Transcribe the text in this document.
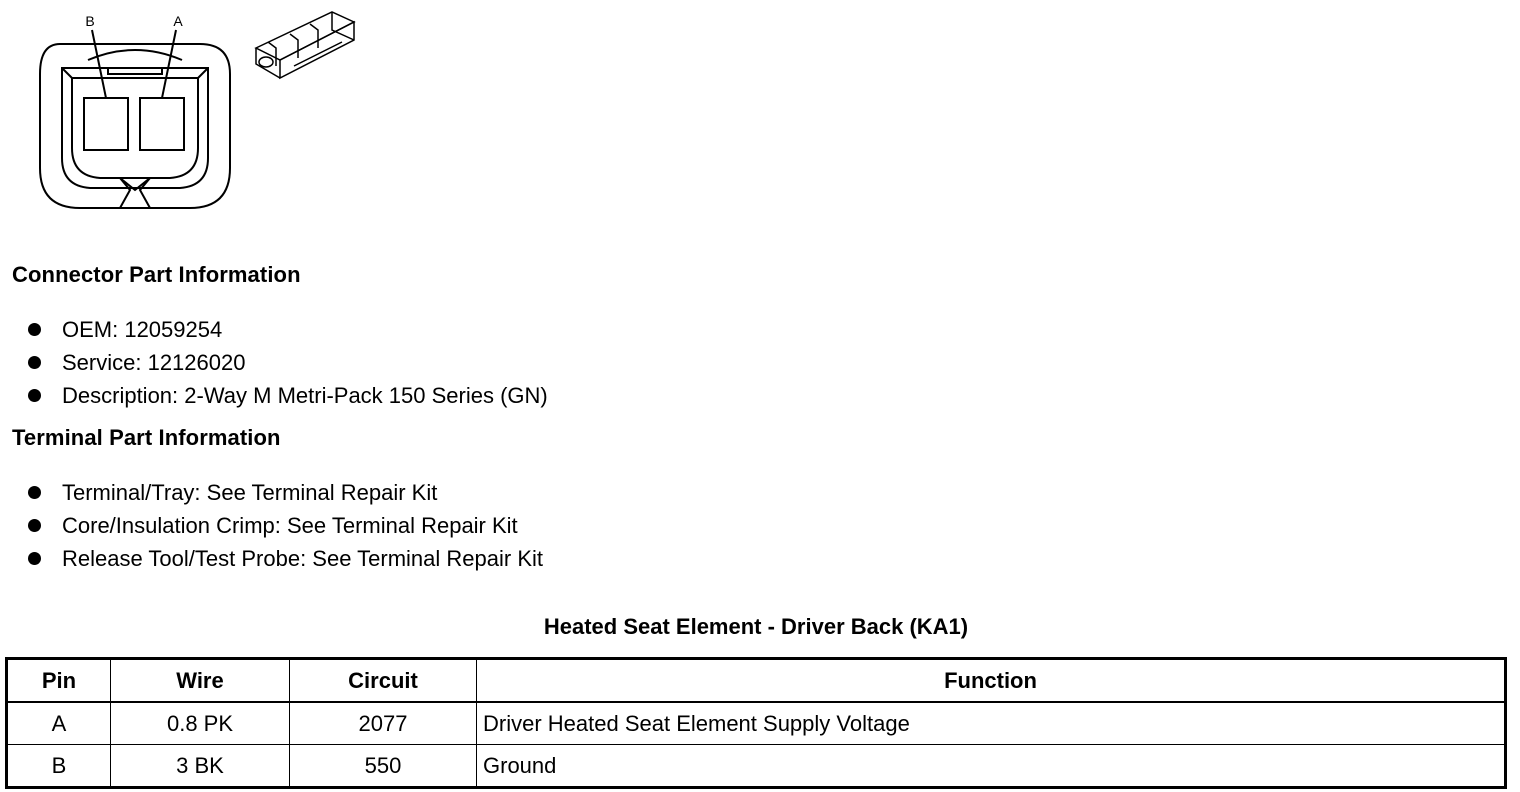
B	A
Connector Part Information
OEM: 12059254
Service: 12126020
Description: 2-Way M Metri-Pack 150 Series (GN)
Terminal Part Information
Terminal/Tray: See Terminal Repair Kit
Core/Insulation Crimp: See Terminal Repair Kit
Release Tool/Test Probe: See Terminal Repair Kit
Heated Seat Element - Driver Back (KA1)
Pin	Wire	Circuit	Function
A	0.8 PK	2077	Driver Heated Seat Element Supply Voltage
B	3 BK	550	Ground
